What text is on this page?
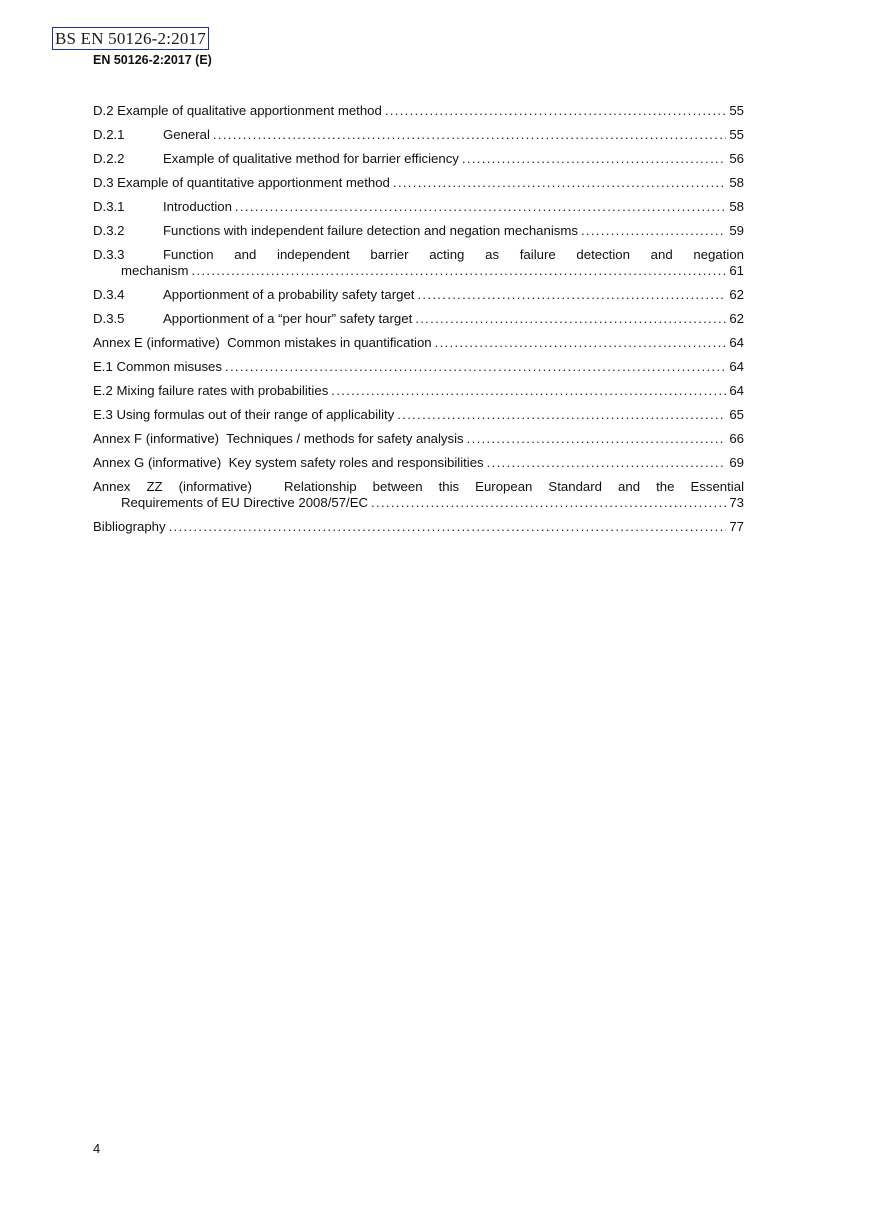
BS EN 50126-2:2017
EN 50126-2:2017 (E)
D.2 Example of qualitative apportionment method .....	55
D.2.1	General .....	55
D.2.2	Example of qualitative method for barrier efficiency .....	56
D.3 Example of quantitative apportionment method .....	58
D.3.1	Introduction .....	58
D.3.2	Functions with independent failure detection and negation mechanisms .....	59
D.3.3	Function and independent barrier acting as failure detection and negation
mechanism .....	61
D.3.4	Apportionment of a probability safety target .....	62
D.3.5	Apportionment of a “per hour” safety target .....	62
Annex E (informative)  Common mistakes in quantification .....	64
E.1 Common misuses .....	64
E.2 Mixing failure rates with probabilities .....	64
E.3 Using formulas out of their range of applicability .....	65
Annex F (informative)  Techniques / methods for safety analysis .....	66
Annex G (informative)  Key system safety roles and responsibilities .....	69
Annex ZZ (informative)  Relationship between this European Standard and the Essential
Requirements of EU Directive 2008/57/EC .....	73
Bibliography .....	77
4
